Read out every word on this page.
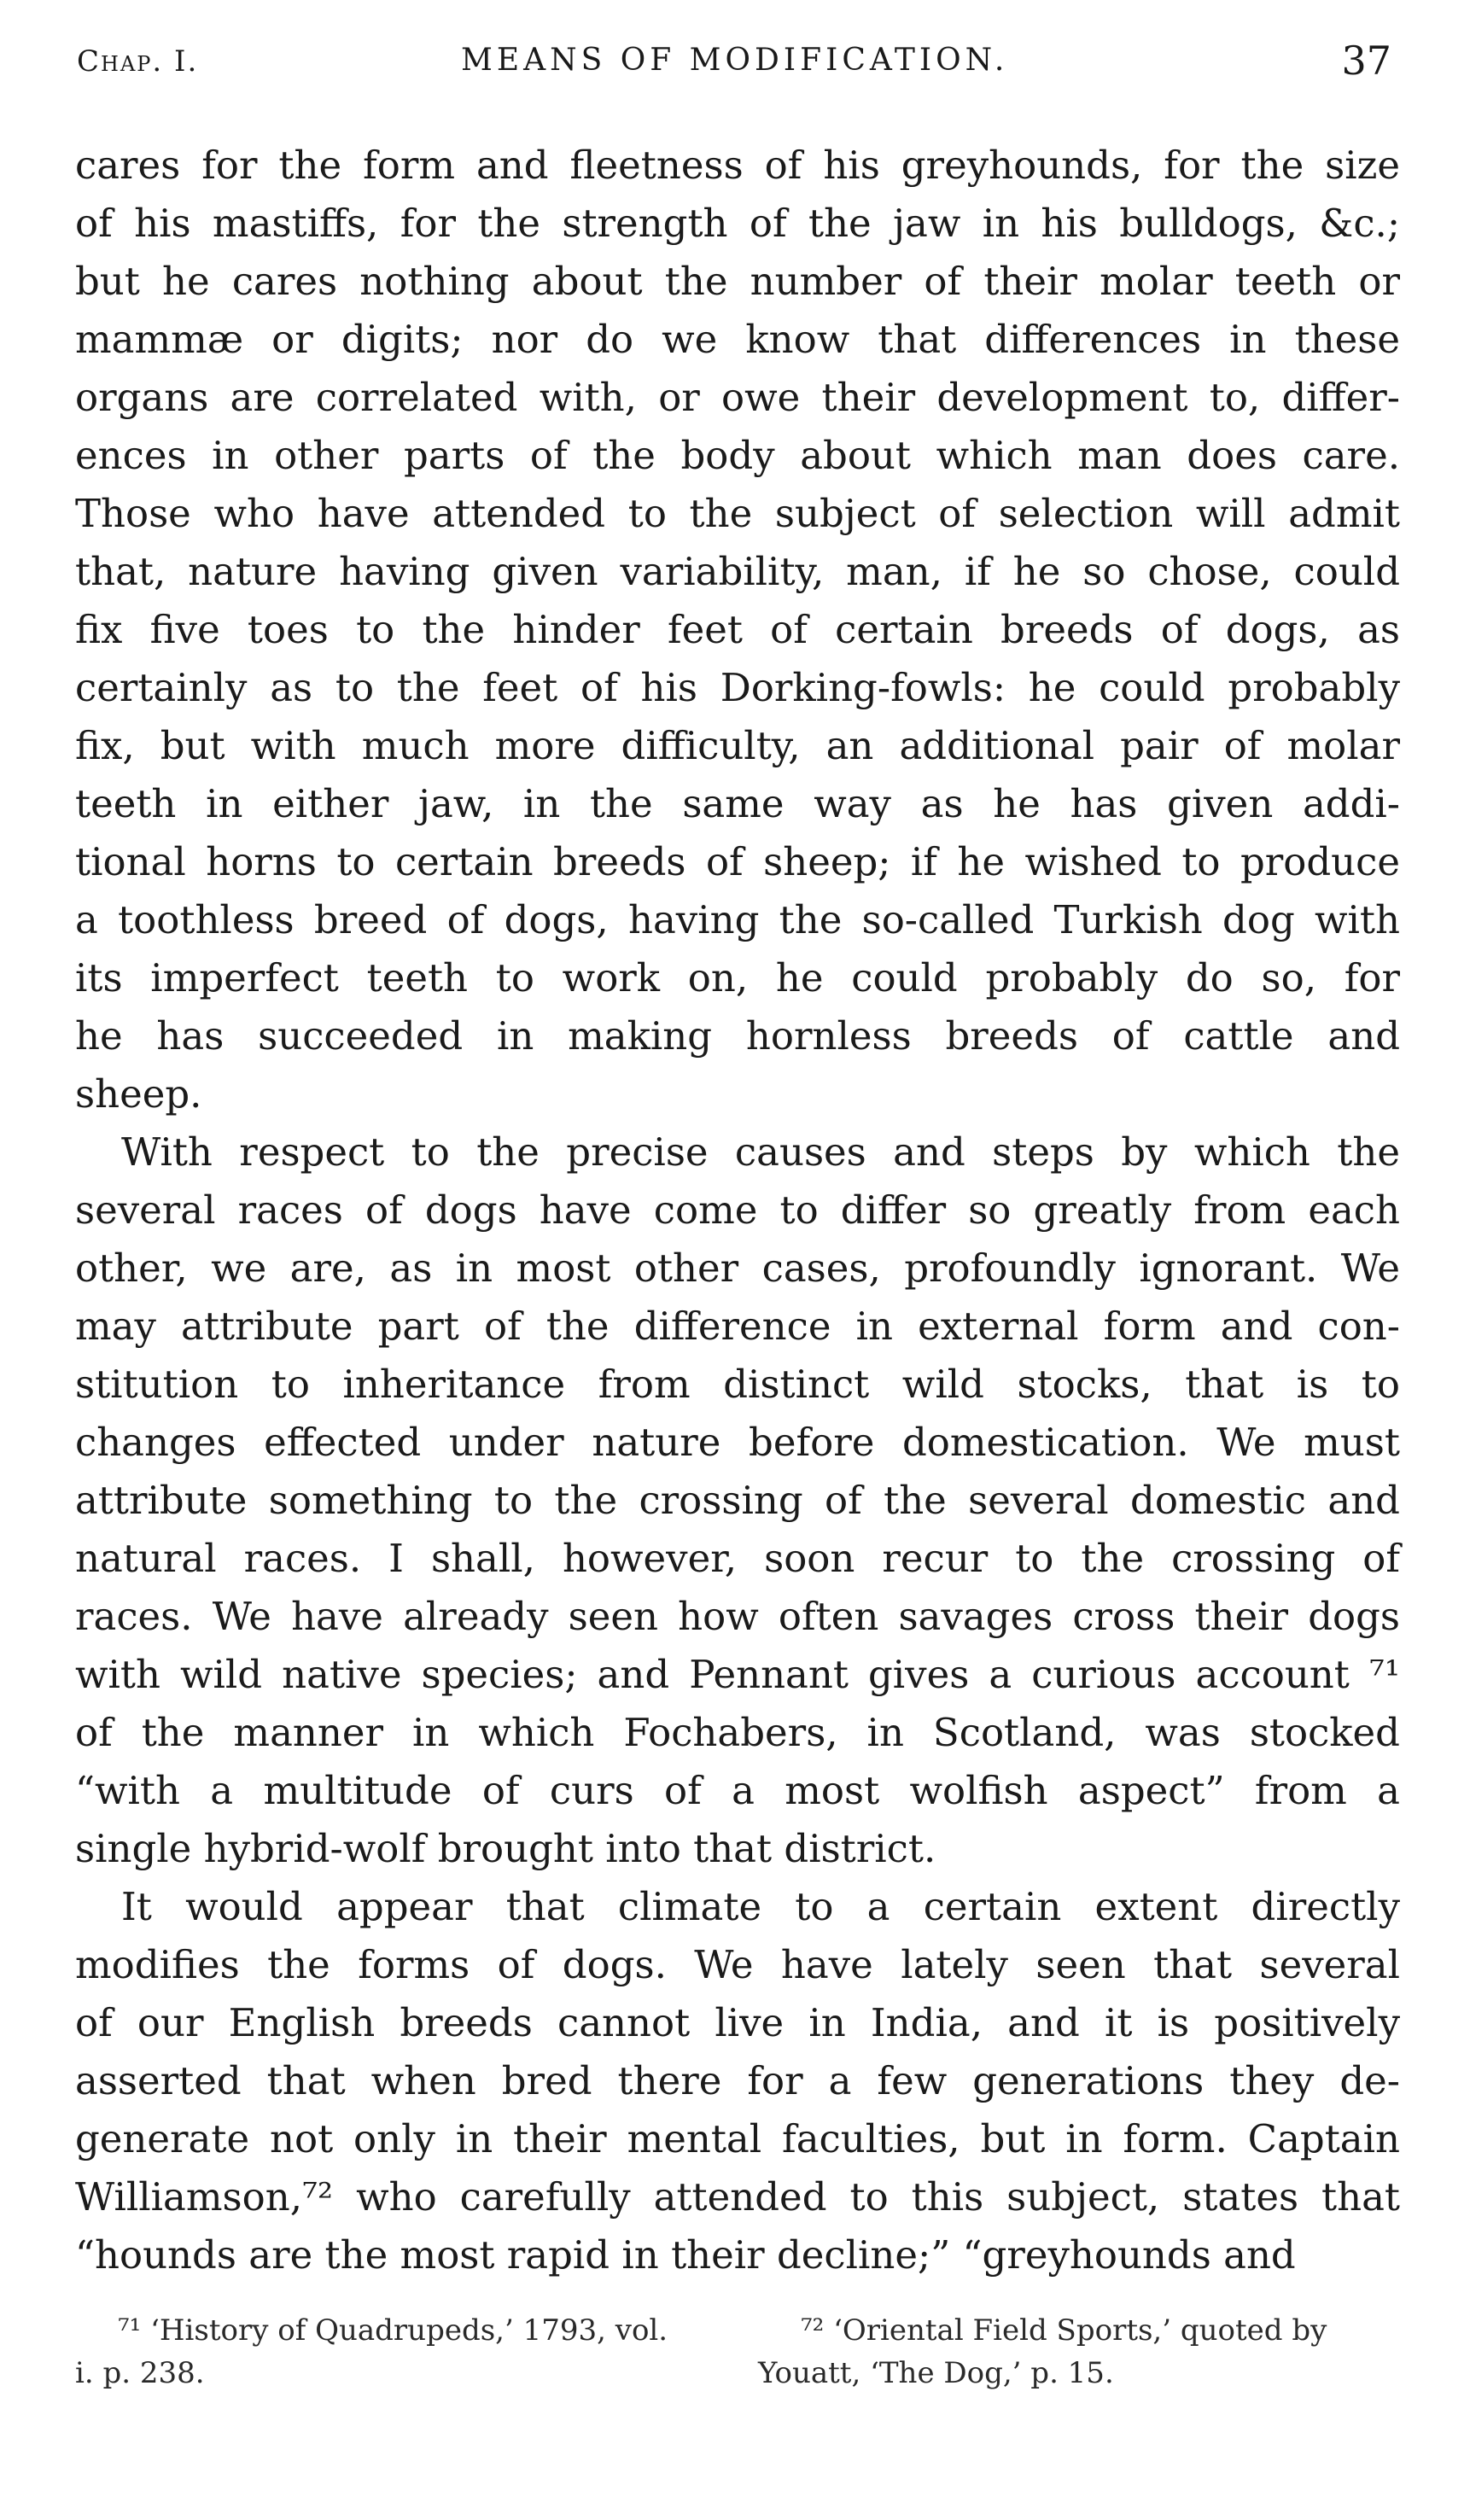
Chap. I.	MEANS OF MODIFICATION.	37
cares for the form and fleetness of his greyhounds, for the size
of his mastiffs, for the strength of the jaw in his bulldogs, &c.;
but he cares nothing about the number of their molar teeth or
mammæ or digits; nor do we know that differences in these
organs are correlated with, or owe their development to, differ-
ences in other parts of the body about which man does care.
Those who have attended to the subject of selection will admit
that, nature having given variability, man, if he so chose, could
fix five toes to the hinder feet of certain breeds of dogs, as
certainly as to the feet of his Dorking-fowls: he could probably
fix, but with much more difficulty, an additional pair of molar
teeth in either jaw, in the same way as he has given addi-
tional horns to certain breeds of sheep; if he wished to produce
a toothless breed of dogs, having the so-called Turkish dog with
its imperfect teeth to work on, he could probably do so, for
he has succeeded in making hornless breeds of cattle and
sheep.
With respect to the precise causes and steps by which the
several races of dogs have come to differ so greatly from each
other, we are, as in most other cases, profoundly ignorant. We
may attribute part of the difference in external form and con-
stitution to inheritance from distinct wild stocks, that is to
changes effected under nature before domestication. We must
attribute something to the crossing of the several domestic and
natural races. I shall, however, soon recur to the crossing of
races. We have already seen how often savages cross their dogs
with wild native species; and Pennant gives a curious account ⁷¹
of the manner in which Fochabers, in Scotland, was stocked
“with a multitude of curs of a most wolfish aspect” from a
single hybrid-wolf brought into that district.
It would appear that climate to a certain extent directly
modifies the forms of dogs. We have lately seen that several
of our English breeds cannot live in India, and it is positively
asserted that when bred there for a few generations they de-
generate not only in their mental faculties, but in form. Captain
Williamson,⁷² who carefully attended to this subject, states that
“hounds are the most rapid in their decline;” “greyhounds and
⁷¹ ‘History of Quadrupeds,’ 1793, vol.
i. p. 238.
⁷² ‘Oriental Field Sports,’ quoted by
Youatt, ‘The Dog,’ p. 15.
